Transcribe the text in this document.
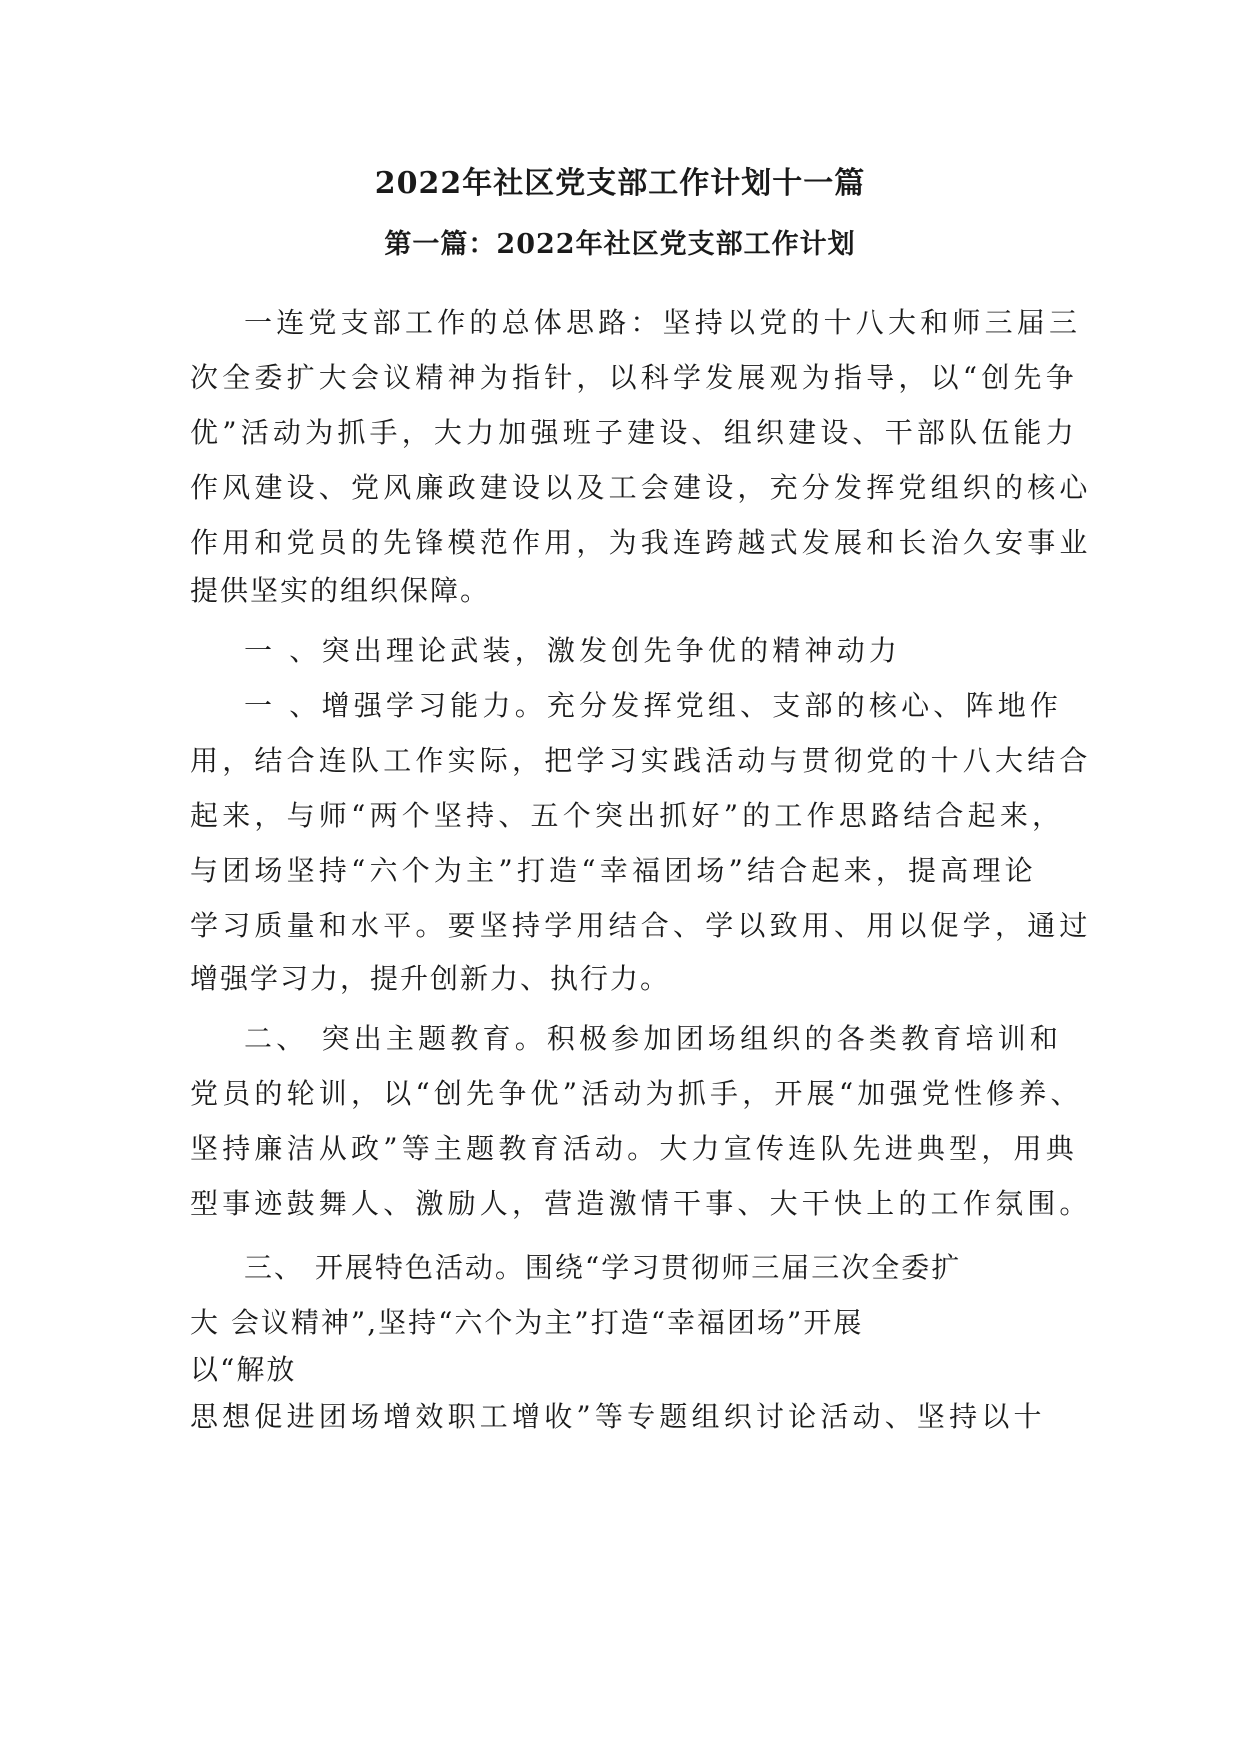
2022年社区党支部工作计划十一篇
第一篇：2022年社区党支部工作计划

一连党支部工作的总体思路：坚持以党的十八大和师三届三

次全委扩大会议精神为指针，以科学发展观为指导，以“创先争

优”活动为抓手，大力加强班子建设、组织建设、干部队伍能力

作风建设、党风廉政建设以及工会建设，充分发挥党组织的核心

作用和党员的先锋模范作用，为我连跨越式发展和长治久安事业

提供坚实的组织保障。

一 、突出理论武装，激发创先争优的精神动力

一 、增强学习能力。充分发挥党组、支部的核心、阵地作

用，结合连队工作实际，把学习实践活动与贯彻党的十八大结合

起来，与师“两个坚持、五个突出抓好”的工作思路结合起来，

与团场坚持“六个为主”打造“幸福团场”结合起来，提高理论

学习质量和水平。要坚持学用结合、学以致用、用以促学，通过

增强学习力，提升创新力、执行力。

二、 突出主题教育。积极参加团场组织的各类教育培训和

党员的轮训，以“创先争优”活动为抓手，开展“加强党性修养、

坚持廉洁从政”等主题教育活动。大力宣传连队先进典型，用典

型事迹鼓舞人、激励人，营造激情干事、大干快上的工作氛围。

三、 开展特色活动。围绕“学习贯彻师三届三次全委扩

大 会议精神”,坚持“六个为主”打造“幸福团场”开展

以“解放

思想促进团场增效职工增收”等专题组织讨论活动、坚持以十
